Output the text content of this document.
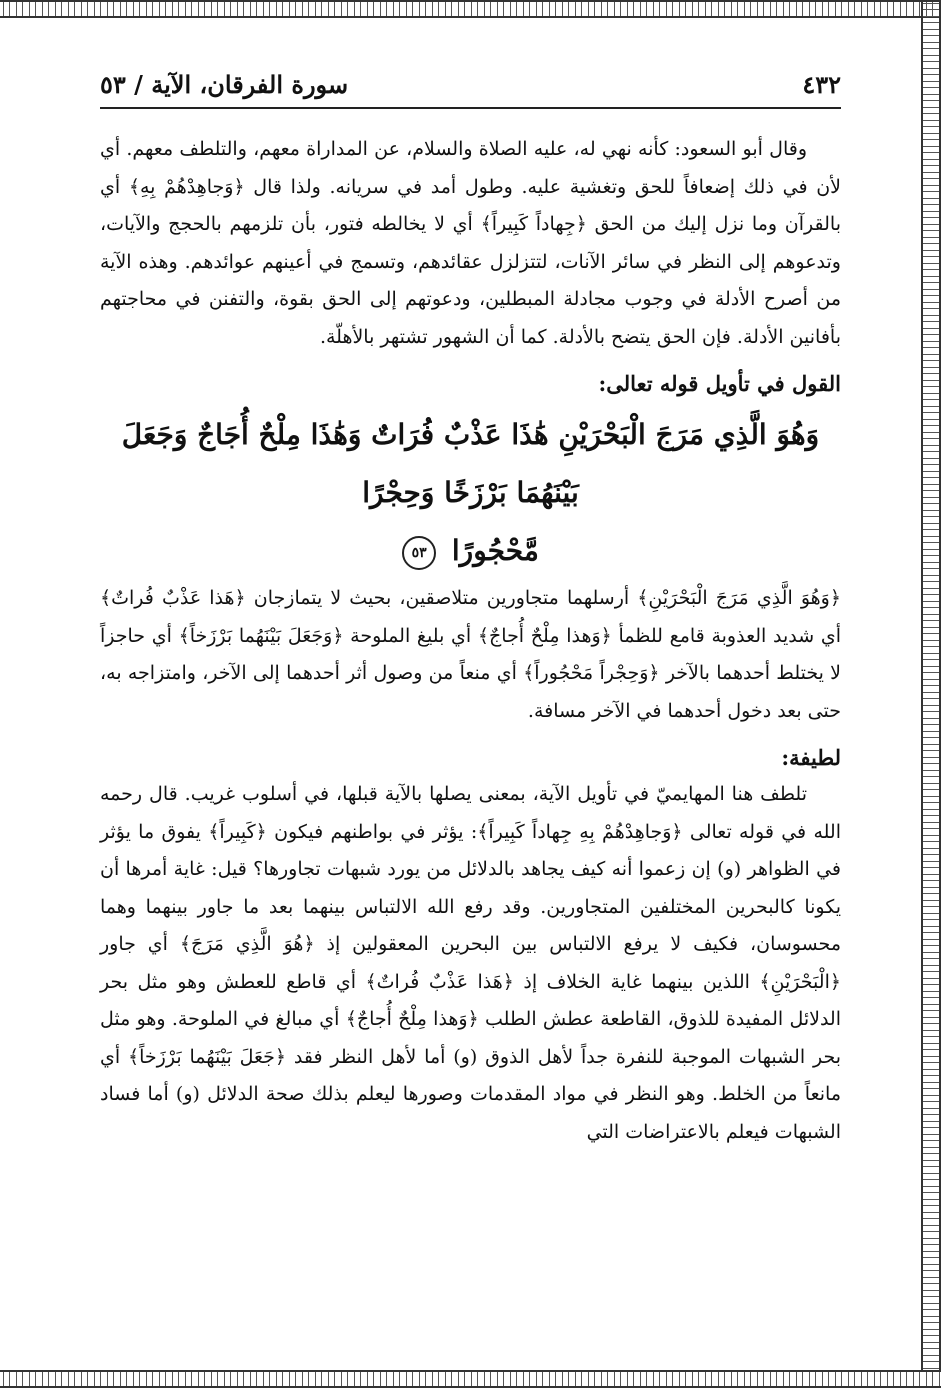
٤٣٢
سورة الفرقان، الآية / ٥٣

وقال أبو السعود: كأنه نهي له، عليه الصلاة والسلام، عن المداراة معهم، والتلطف معهم. أي لأن في ذلك إضعافاً للحق وتغشية عليه. وطول أمد في سريانه. ولذا قال ﴿وَجاهِدْهُمْ بِهِ﴾ أي بالقرآن وما نزل إليك من الحق ﴿جِهاداً كَبِيراً﴾ أي لا يخالطه فتور، بأن تلزمهم بالحجج والآيات، وتدعوهم إلى النظر في سائر الآنات، لتتزلزل عقائدهم، وتسمج في أعينهم عوائدهم. وهذه الآية من أصرح الأدلة في وجوب مجادلة المبطلين، ودعوتهم إلى الحق بقوة، والتفنن في محاجتهم بأفانين الأدلة. فإن الحق يتضح بالأدلة. كما أن الشهور تشتهر بالأهلّة.

القول في تأويل قوله تعالى:

وَهُوَ الَّذِي مَرَجَ الْبَحْرَيْنِ هَٰذَا عَذْبٌ فُرَاتٌ وَهَٰذَا مِلْحٌ أُجَاجٌ وَجَعَلَ بَيْنَهُمَا بَرْزَخًا وَحِجْرًا
مَّحْجُورًا ٥٣

﴿وَهُوَ الَّذِي مَرَجَ الْبَحْرَيْنِ﴾ أرسلهما متجاورين متلاصقين، بحيث لا يتمازجان ﴿هَذا عَذْبٌ فُراتٌ﴾ أي شديد العذوبة قامع للظمأ ﴿وَهذا مِلْحٌ أُجاجٌ﴾ أي بليغ الملوحة ﴿وَجَعَلَ بَيْنَهُما بَرْزَخاً﴾ أي حاجزاً لا يختلط أحدهما بالآخر ﴿وَحِجْراً مَحْجُوراً﴾ أي منعاً من وصول أثر أحدهما إلى الآخر، وامتزاجه به، حتى بعد دخول أحدهما في الآخر مسافة.

لطيفة:

تلطف هنا المهايميّ في تأويل الآية، بمعنى يصلها بالآية قبلها، في أسلوب غريب. قال رحمه الله في قوله تعالى ﴿وَجاهِدْهُمْ بِهِ جِهاداً كَبِيراً﴾: يؤثر في بواطنهم فيكون ﴿كَبِيراً﴾ يفوق ما يؤثر في الظواهر (و) إن زعموا أنه كيف يجاهد بالدلائل من يورد شبهات تجاورها؟ قيل: غاية أمرها أن يكونا كالبحرين المختلفين المتجاورين. وقد رفع الله الالتباس بينهما بعد ما جاور بينهما وهما محسوسان، فكيف لا يرفع الالتباس بين البحرين المعقولين إذ ﴿هُوَ الَّذِي مَرَجَ﴾ أي جاور ﴿الْبَحْرَيْنِ﴾ اللذين بينهما غاية الخلاف إذ ﴿هَذا عَذْبٌ فُراتٌ﴾ أي قاطع للعطش وهو مثل بحر الدلائل المفيدة للذوق، القاطعة عطش الطلب ﴿وَهذا مِلْحٌ أُجاجٌ﴾ أي مبالغ في الملوحة. وهو مثل بحر الشبهات الموجبة للنفرة جداً لأهل الذوق (و) أما لأهل النظر فقد ﴿جَعَلَ بَيْنَهُما بَرْزَخاً﴾ أي مانعاً من الخلط. وهو النظر في مواد المقدمات وصورها ليعلم بذلك صحة الدلائل (و) أما فساد الشبهات فيعلم بالاعتراضات التي
